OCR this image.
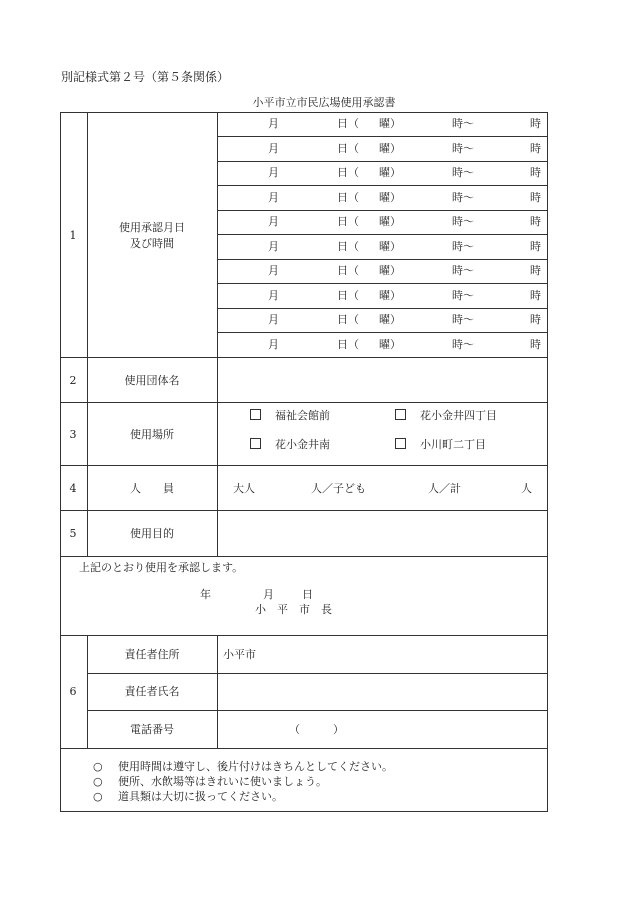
別記様式第２号（第５条関係）
小平市立市民広場使用承認書
1
使用承認月日
及び時間
月	日（ 曜）	時～	時
月	日（ 曜）	時～	時
月	日（ 曜）	時～	時
月	日（ 曜）	時～	時
月	日（ 曜）	時～	時
月	日（ 曜）	時～	時
月	日（ 曜）	時～	時
月	日（ 曜）	時～	時
月	日（ 曜）	時～	時
月	日（ 曜）	時～	時
2	使用団体名
3	使用場所
福祉会館前	花小金井四丁目
花小金井南	小川町二丁目
4	人　　員	大人	人／子ども	人／計	人
5	使用目的
上記のとおり使用を承認します。
年	月	日
小　平　市　長
6
責任者住所	小平市
責任者氏名
電話番号	（　　　）
○ 使用時間は遵守し、後片付けはきちんとしてください。
○ 便所、水飲場等はきれいに使いましょう。
○ 道具類は大切に扱ってください。
